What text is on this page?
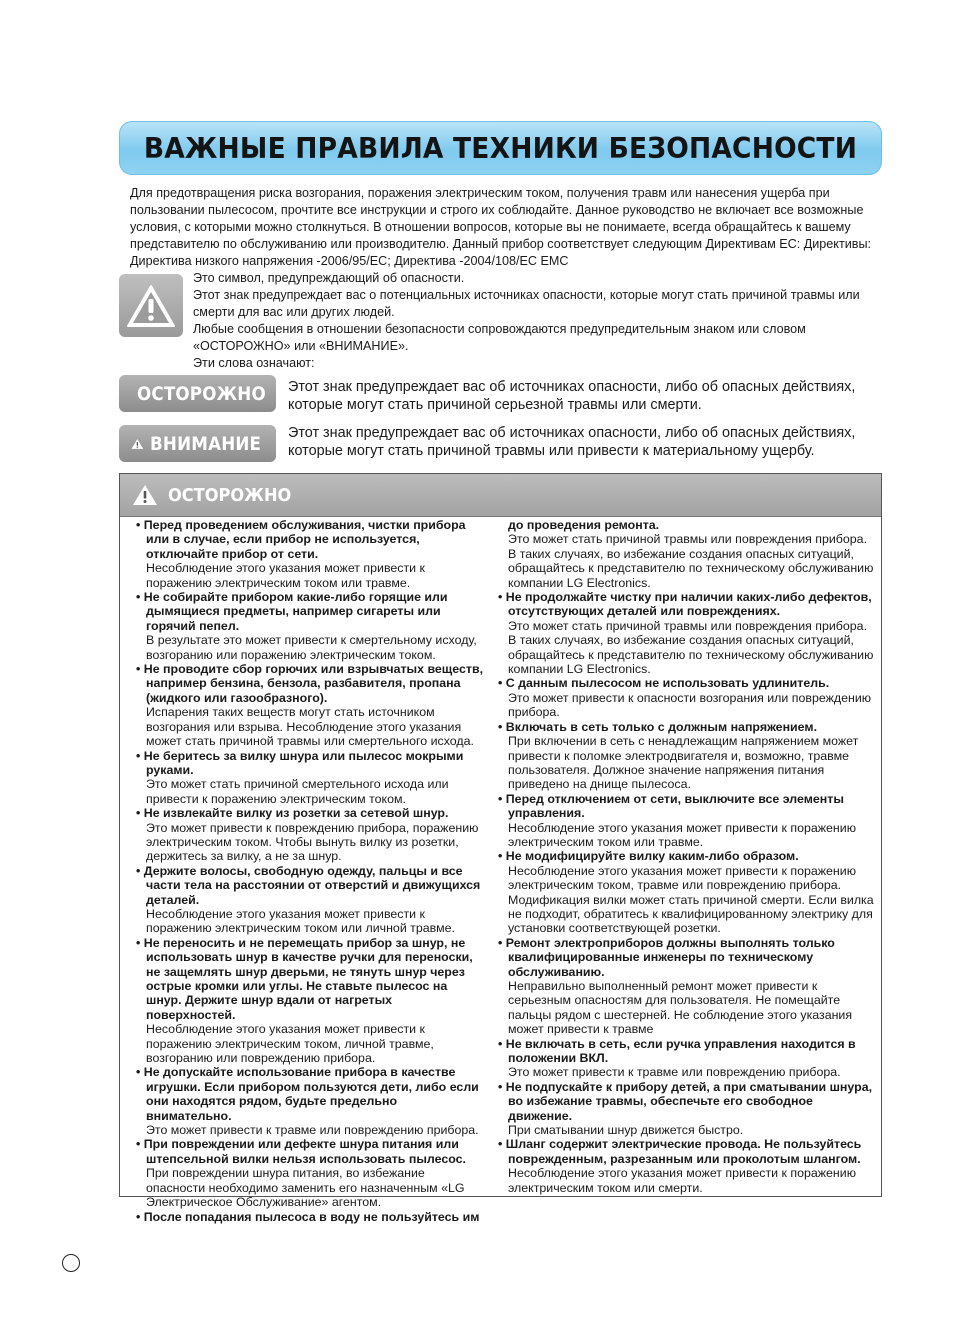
ВАЖНЫЕ ПРАВИЛА ТЕХНИКИ БЕЗОПАСНОСТИ

Для предотвращения риска возгорания, поражения электрическим током, получения травм или нанесения ущерба при пользовании пылесосом, прочтите все инструкции и строго их соблюдайте. Данное руководство не включает все возможные условия, с которыми можно столкнуться. В отношении вопросов, которые вы не понимаете, всегда обращайтесь к вашему представителю по обслуживанию или производителю. Данный прибор соответствует следующим Директивам ЕС: Директивы: Директива низкого напряжения -2006/95/EC; Директива -2004/108/EC EMC

Это символ, предупреждающий об опасности.

Этот знак предупреждает вас о потенциальных источниках опасности, которые могут стать причиной травмы или смерти для вас или других людей.

Любые сообщения в отношении безопасности сопровождаются предупредительным знаком или словом «ОСТОРОЖНО» или «ВНИМАНИЕ».

Эти слова означают:

ОСТОРОЖНО Этот знак предупреждает вас об источниках опасности, либо об опасных действиях, которые могут стать причиной серьезной травмы или смерти.

ВНИМАНИЕ Этот знак предупреждает вас об источниках опасности, либо об опасных действиях, которые могут стать причиной травмы или привести к материальному ущербу.

ОСТОРОЖНО
• Перед проведением обслуживания, чистки прибора или в случае, если прибор не используется, отключайте прибор от сети.
Несоблюдение этого указания может привести к поражению электрическим током или травме.
• Не собирайте прибором какие-либо горящие или дымящиеся предметы, например сигареты или горячий пепел.
В результате это может привести к смертельному исходу, возгоранию или поражению электрическим током.
• Не проводите сбор горючих или взрывчатых веществ, например бензина, бензола, разбавителя, пропана (жидкого или газообразного).
Испарения таких веществ могут стать источником возгорания или взрыва. Несоблюдение этого указания может стать причиной травмы или смертельного исхода.
• Не беритесь за вилку шнура или пылесос мокрыми руками.
Это может стать причиной смертельного исхода или привести к поражению электрическим током.
• Не извлекайте вилку из розетки за сетевой шнур.
Это может привести к повреждению прибора, поражению электрическим током. Чтобы вынуть вилку из розетки, держитесь за вилку, а не за шнур.
• Держите волосы, свободную одежду, пальцы и все части тела на расстоянии от отверстий и движущихся деталей.
Несоблюдение этого указания может привести к поражению электрическим током или личной травме.
• Не переносить и не перемещать прибор за шнур, не использовать шнур в качестве ручки для переноски, не защемлять шнур дверьми, не тянуть шнур через острые кромки или углы. Не ставьте пылесос на шнур. Держите шнур вдали от нагретых поверхностей.
Несоблюдение этого указания может привести к поражению электрическим током, личной травме, возгоранию или повреждению прибора.
• Не допускайте использование прибора в качестве игрушки. Если прибором пользуются дети, либо если они находятся рядом, будьте предельно внимательно.
Это может привести к травме или повреждению прибора.
• При повреждении или дефекте шнура питания или штепсельной вилки нельзя использовать пылесос.
При повреждении шнура питания, во избежание опасности необходимо заменить его назначенным «LG Электрическое Обслуживание» агентом.
• После попадания пылесоса в воду не пользуйтесь им
до проведения ремонта.
Это может стать причиной травмы или повреждения прибора. В таких случаях, во избежание создания опасных ситуаций, обращайтесь к представителю по техническому обслуживанию компании LG Electronics.
• Не продолжайте чистку при наличии каких-либо дефектов, отсутствующих деталей или повреждениях.
Это может стать причиной травмы или повреждения прибора. В таких случаях, во избежание создания опасных ситуаций, обращайтесь к представителю по техническому обслуживанию компании LG Electronics.
• С данным пылесосом не использовать удлинитель.
Это может привести к опасности возгорания или повреждению прибора.
• Включать в сеть только с должным напряжением.
При включении в сеть с ненадлежащим напряжением может привести к поломке электродвигателя и, возможно, травме пользователя. Должное значение напряжения питания приведено на днище пылесоса.
• Перед отключением от сети, выключите все элементы управления.
Несоблюдение этого указания может привести к поражению электрическим током или травме.
• Не модифицируйте вилку каким-либо образом.
Несоблюдение этого указания может привести к поражению электрическим током, травме или повреждению прибора. Модификация вилки может стать причиной смерти. Если вилка не подходит, обратитесь к квалифицированному электрику для установки соответствующей розетки.
• Ремонт электроприборов должны выполнять только квалифицированные инженеры по техническому обслуживанию.
Неправильно выполненный ремонт может привести к серьезным опасностям для пользователя. Не помещайте пальцы рядом с шестерней. Не соблюдение этого указания может привести к травме
• Не включать в сеть, если ручка управления находится в положении ВКЛ.
Это может привести к травме или повреждению прибора.
• Не подпускайте к прибору детей, а при сматывании шнура, во избежание травмы, обеспечьте его свободное движение.
При сматывании шнур движется быстро.
• Шланг содержит электрические провода. Не пользуйтесь поврежденным, разрезанным или проколотым шлангом.
Несоблюдение этого указания может привести к поражению электрическим током или смерти.
